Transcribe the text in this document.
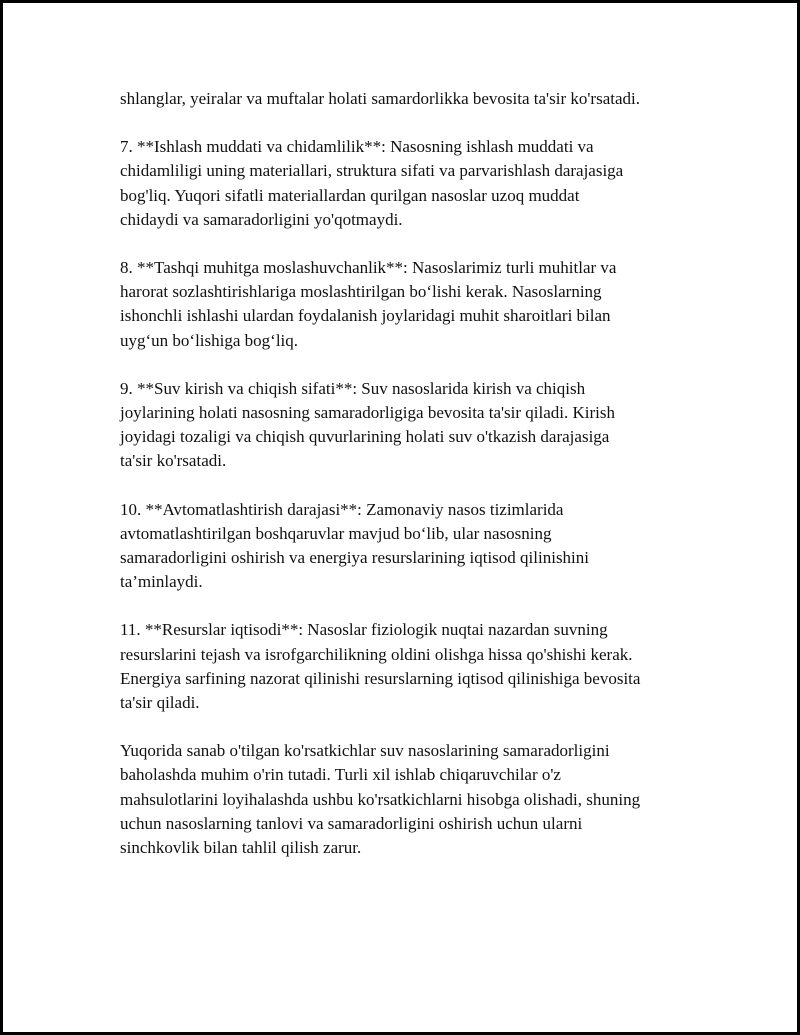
shlanglar, yeiralar va muftalar holati samardorlikka bevosita ta'sir ko'rsatadi.

7. **Ishlash muddati va chidamlilik**: Nasosning ishlash muddati va
chidamliligi uning materiallari, struktura sifati va parvarishlash darajasiga
bog'liq. Yuqori sifatli materiallardan qurilgan nasoslar uzoq muddat
chidaydi va samaradorligini yo'qotmaydi.

8. **Tashqi muhitga moslashuvchanlik**: Nasoslarimiz turli muhitlar va
harorat sozlashtirishlariga moslashtirilgan bo‘lishi kerak. Nasoslarning
ishonchli ishlashi ulardan foydalanish joylaridagi muhit sharoitlari bilan
uyg‘un bo‘lishiga bog‘liq.

9. **Suv kirish va chiqish sifati**: Suv nasoslarida kirish va chiqish
joylarining holati nasosning samaradorligiga bevosita ta'sir qiladi. Kirish
joyidagi tozaligi va chiqish quvurlarining holati suv o'tkazish darajasiga
ta'sir ko'rsatadi.

10. **Avtomatlashtirish darajasi**: Zamonaviy nasos tizimlarida
avtomatlashtirilgan boshqaruvlar mavjud bo‘lib, ular nasosning
samaradorligini oshirish va energiya resurslarining iqtisod qilinishini
ta’minlaydi.

11. **Resurslar iqtisodi**: Nasoslar fiziologik nuqtai nazardan suvning
resurslarini tejash va isrofgarchilikning oldini olishga hissa qo'shishi kerak.
Energiya sarfining nazorat qilinishi resurslarning iqtisod qilinishiga bevosita
ta'sir qiladi.

Yuqorida sanab o'tilgan ko'rsatkichlar suv nasoslarining samaradorligini
baholashda muhim o'rin tutadi. Turli xil ishlab chiqaruvchilar o'z
mahsulotlarini loyihalashda ushbu ko'rsatkichlarni hisobga olishadi, shuning
uchun nasoslarning tanlovi va samaradorligini oshirish uchun ularni
sinchkovlik bilan tahlil qilish zarur.
